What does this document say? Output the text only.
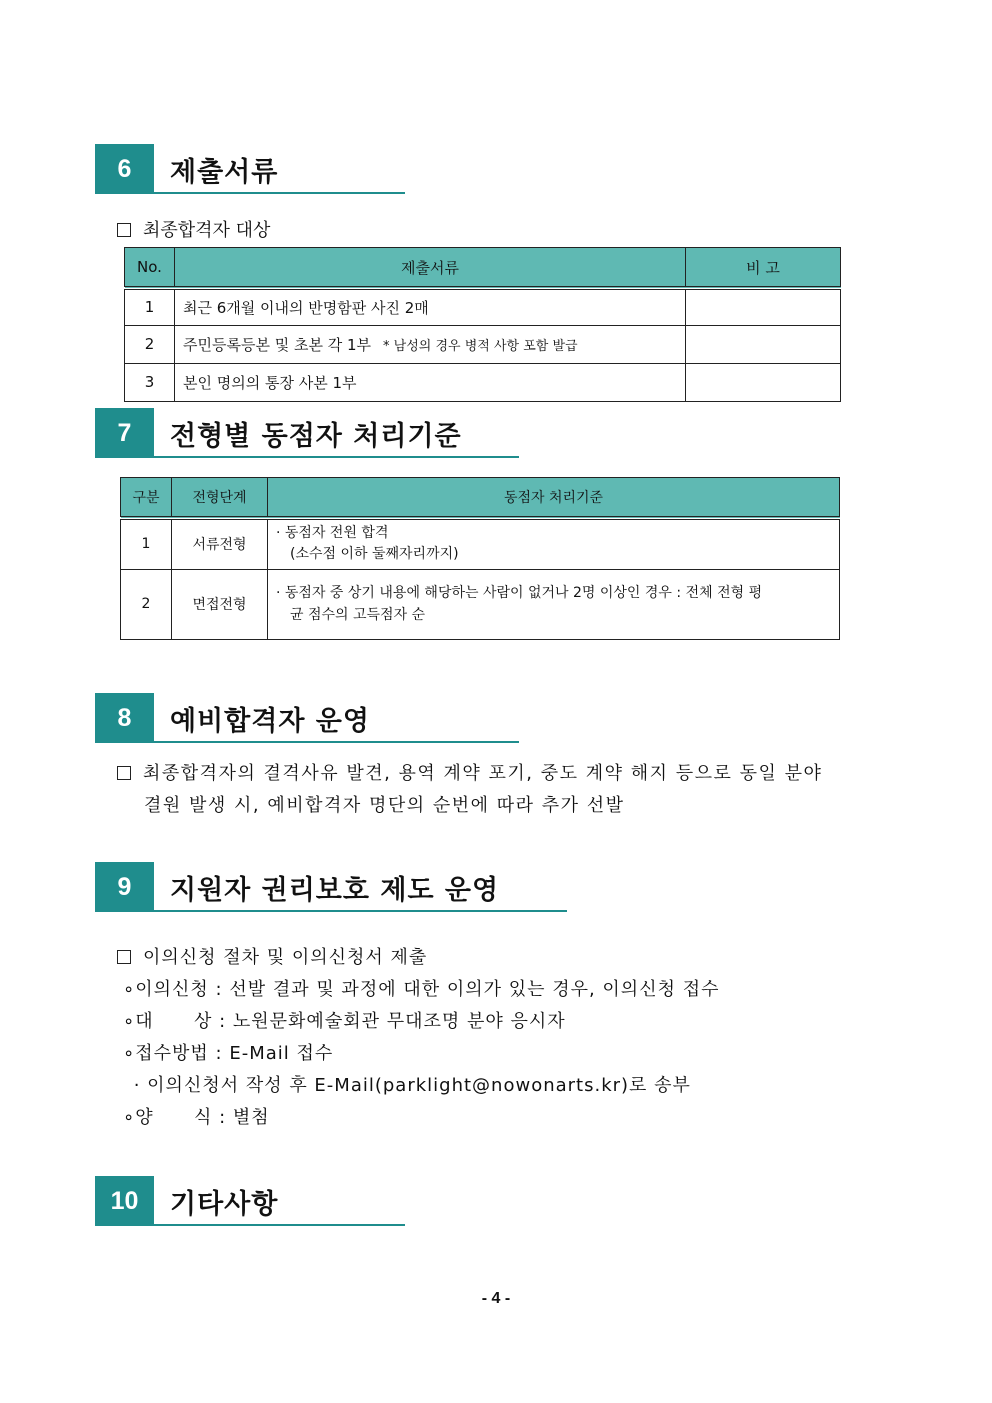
6	제출서류
최종합격자 대상
No.	제출서류	비 고
1	최근 6개월 이내의 반명함판 사진 2매	
2	주민등록등본 및 초본 각 1부 * 남성의 경우 병적 사항 포함 발급	
3	본인 명의의 통장 사본 1부	
7	전형별 동점자 처리기준
구분	전형단계	동점자 처리기준
1	서류전형	· 동점자 전원 합격
(소수점 이하 둘째자리까지)

2	면접전형	· 동점자 중 상기 내용에 해당하는 사람이 없거나 2명 이상인 경우 : 전체 전형 평
균 점수의 고득점자 순
8	예비합격자 운영
최종합격자의 결격사유 발견, 용역 계약 포기, 중도 계약 해지 등으로 동일 분야
결원 발생 시, 예비합격자 명단의 순번에 따라 추가 선발
9	지원자 권리보호 제도 운영
이의신청 절차 및 이의신청서 제출
∘이의신청 : 선발 결과 및 과정에 대한 이의가 있는 경우, 이의신청 접수
∘대      상 : 노원문화예술회관 무대조명 분야 응시자
∘접수방법 : E-Mail 접수
· 이의신청서 작성 후 E-Mail(parklight@nowonarts.kr)로 송부
∘양      식 : 별첨
10	기타사항
- 4 -
